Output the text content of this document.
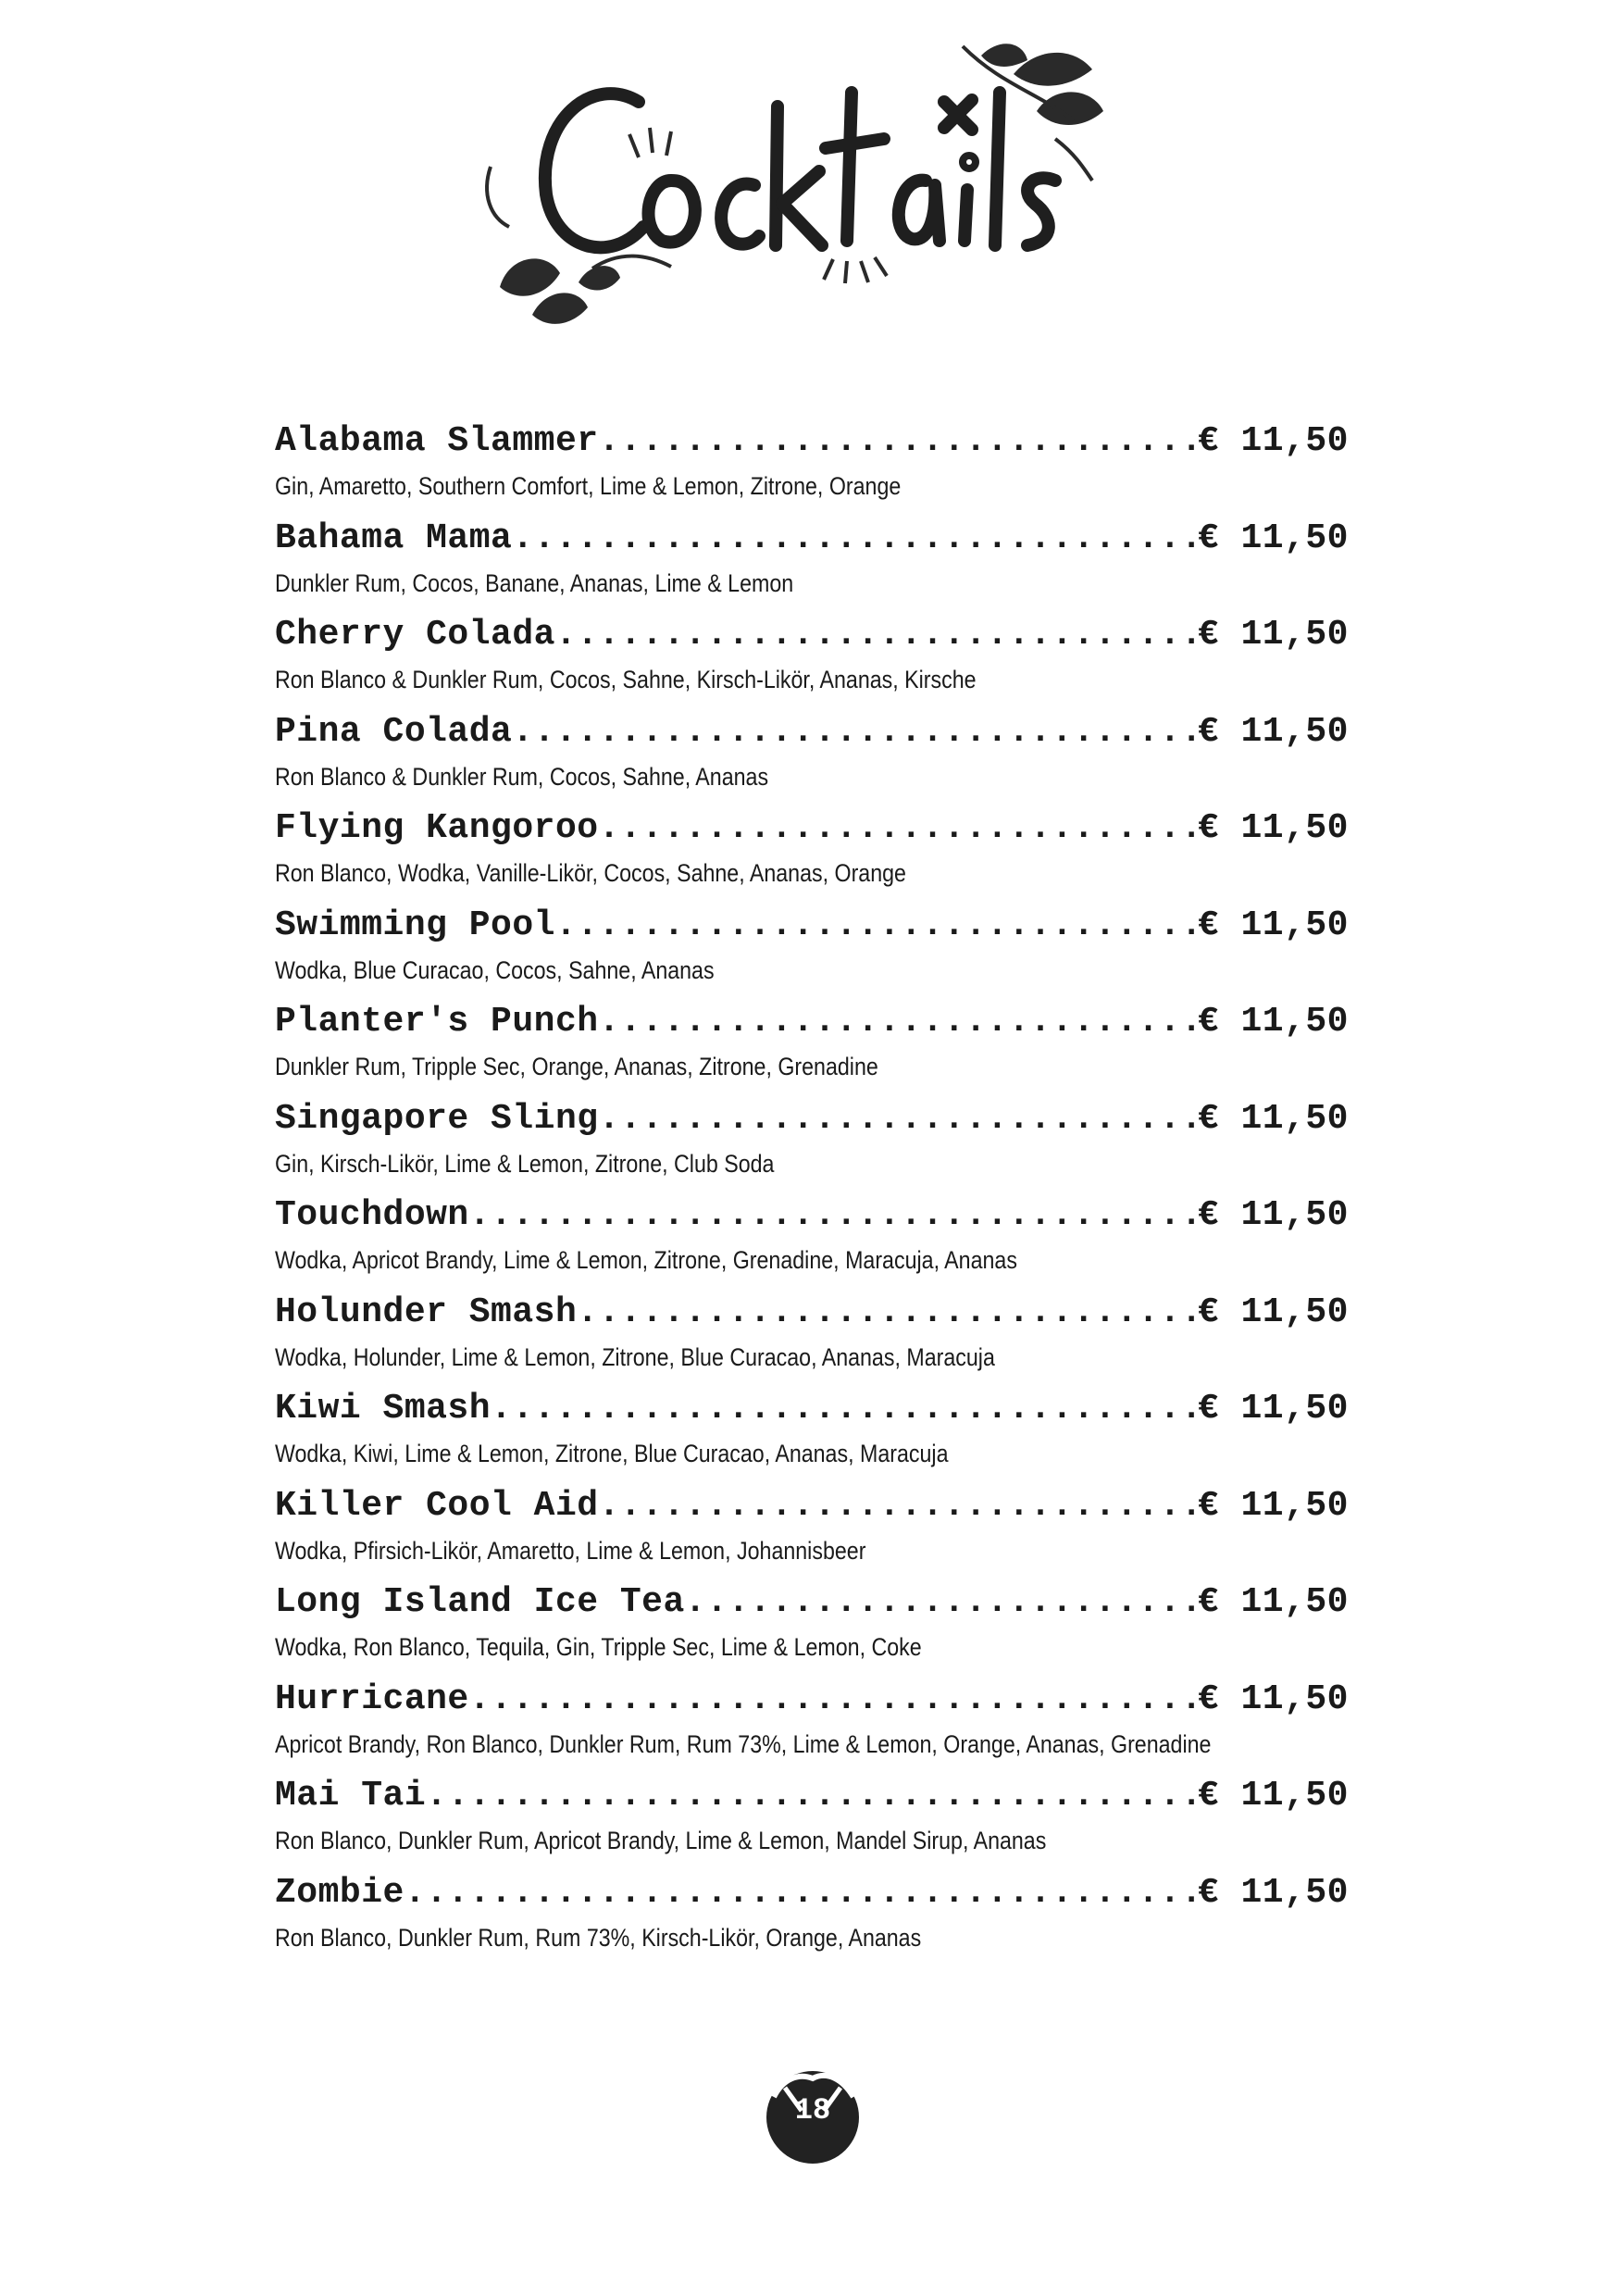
Alabama Slammer .....	€ 11,50
Gin, Amaretto, Southern Comfort, Lime & Lemon, Zitrone, Orange
Bahama Mama .....	€ 11,50
Dunkler Rum, Cocos, Banane, Ananas, Lime & Lemon
Cherry Colada .....	€ 11,50
Ron Blanco & Dunkler Rum, Cocos, Sahne, Kirsch-Likör, Ananas, Kirsche
Pina Colada .....	€ 11,50
Ron Blanco & Dunkler Rum, Cocos, Sahne, Ananas
Flying Kangoroo .....	€ 11,50
Ron Blanco, Wodka, Vanille-Likör, Cocos, Sahne, Ananas, Orange
Swimming Pool .....	€ 11,50
Wodka, Blue Curacao, Cocos, Sahne, Ananas
Planter's Punch .....	€ 11,50
Dunkler Rum, Tripple Sec, Orange, Ananas, Zitrone, Grenadine
Singapore Sling .....	€ 11,50
Gin, Kirsch-Likör, Lime & Lemon, Zitrone, Club Soda
Touchdown .....	€ 11,50
Wodka, Apricot Brandy, Lime & Lemon, Zitrone, Grenadine, Maracuja, Ananas
Holunder Smash .....	€ 11,50
Wodka, Holunder, Lime & Lemon, Zitrone, Blue Curacao, Ananas, Maracuja
Kiwi Smash .....	€ 11,50
Wodka, Kiwi, Lime & Lemon, Zitrone, Blue Curacao, Ananas, Maracuja
Killer Cool Aid .....	€ 11,50
Wodka, Pfirsich-Likör, Amaretto, Lime & Lemon, Johannisbeer
Long Island Ice Tea .....	€ 11,50
Wodka, Ron Blanco, Tequila, Gin, Tripple Sec, Lime & Lemon, Coke
Hurricane .....	€ 11,50
Apricot Brandy, Ron Blanco, Dunkler Rum, Rum 73%, Lime & Lemon, Orange, Ananas, Grenadine
Mai Tai .....	€ 11,50
Ron Blanco, Dunkler Rum, Apricot Brandy, Lime & Lemon, Mandel Sirup, Ananas
Zombie .....	€ 11,50
Ron Blanco, Dunkler Rum, Rum 73%, Kirsch-Likör, Orange, Ananas
18
